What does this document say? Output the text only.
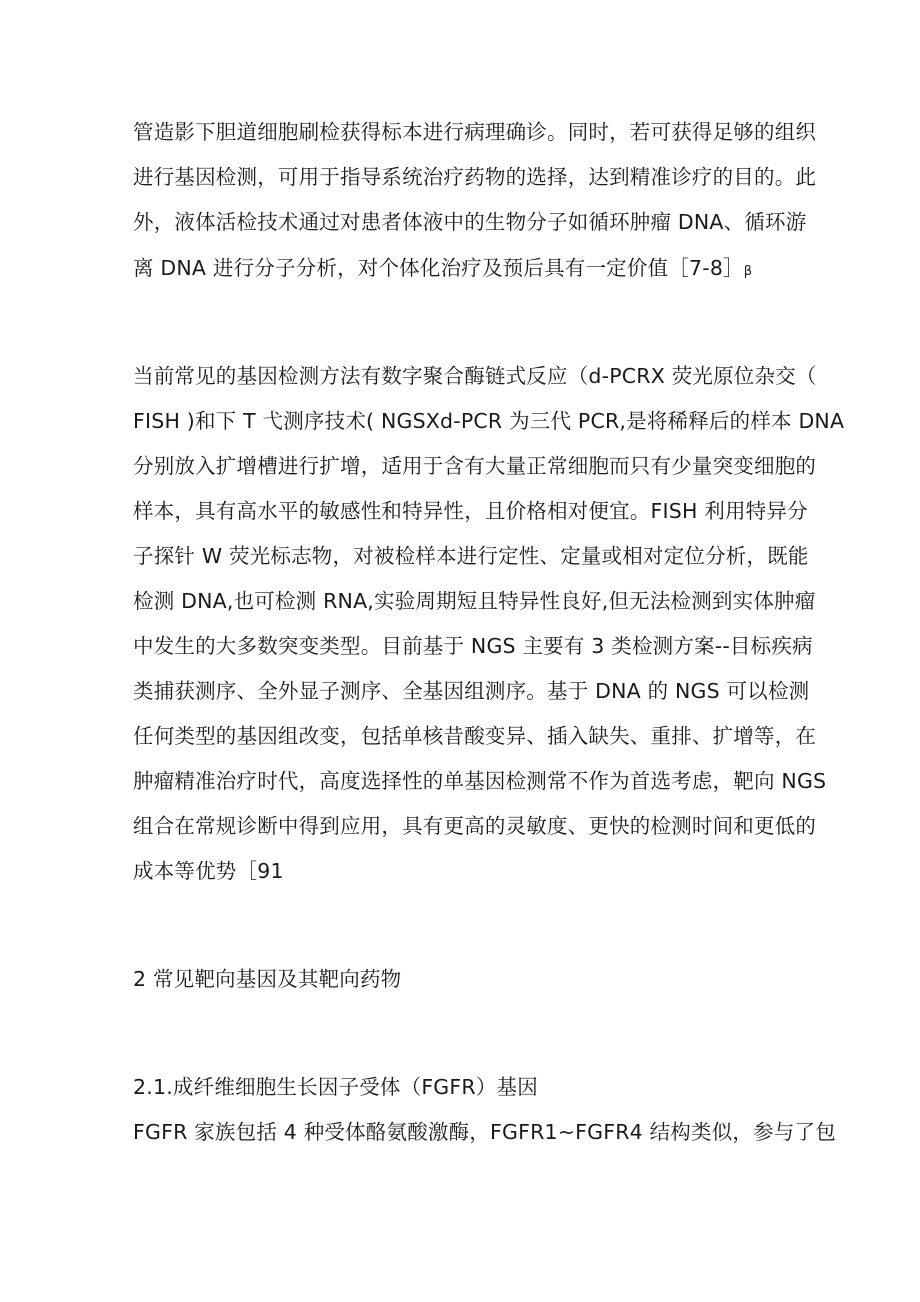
管造影下胆道细胞刷检获得标本进行病理确诊。同时，若可获得足够的组织

进行基因检测，可用于指导系统治疗药物的选择，达到精准诊疗的目的。此

外，液体活检技术通过对患者体液中的生物分子如循环肿瘤 DNA、循环游

离 DNA 进行分子分析，对个体化治疗及预后具有一定价值［7-8］β

当前常见的基因检测方法有数字聚合酶链式反应（d-PCRX 荧光原位杂交（

FISH )和下 T 弋测序技术( NGSXd-PCR 为三代 PCR,是将稀释后的样本 DNA

分别放入扩增槽进行扩增，适用于含有大量正常细胞而只有少量突变细胞的

样本，具有高水平的敏感性和特异性，且价格相对便宜。FISH 利用特异分

子探针 W 荧光标志物，对被检样本进行定性、定量或相对定位分析，既能

检测 DNA,也可检测 RNA,实验周期短且特异性良好,但无法检测到实体肿瘤

中发生的大多数突变类型。目前基于 NGS 主要有 3 类检测方案--目标疾病

类捕获测序、全外显子测序、全基因组测序。基于 DNA 的 NGS 可以检测

任何类型的基因组改变，包括单核昔酸变异、插入缺失、重排、扩增等，在

肿瘤精准治疗时代，高度选择性的单基因检测常不作为首选考虑，靶向 NGS

组合在常规诊断中得到应用，具有更高的灵敏度、更快的检测时间和更低的

成本等优势［91

2 常见靶向基因及其靶向药物

2.1.成纤维细胞生长因子受体（FGFR）基因

FGFR 家族包括 4 种受体酪氨酸激酶，FGFR1~FGFR4 结构类似，参与了包
